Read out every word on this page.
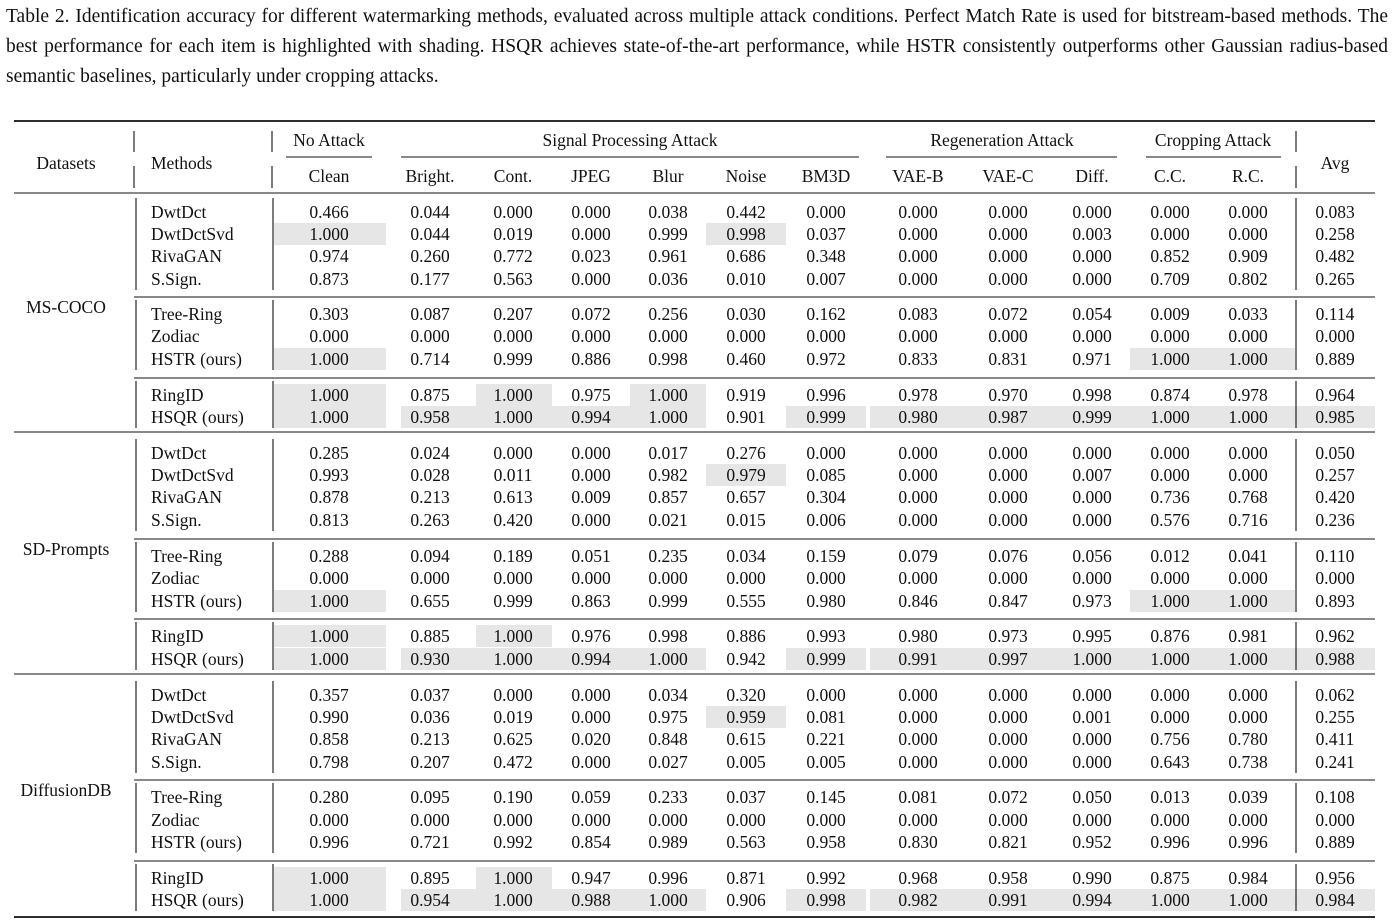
Table 2. Identification accuracy for different watermarking methods, evaluated across multiple attack conditions. Perfect Match Rate is used for bitstream-based methods. The best performance for each item is highlighted with shading. HSQR achieves state-of-the-art performance, while HSTR consistently outperforms other Gaussian radius-based semantic baselines, particularly under cropping attacks.
Datasets	Methods	Avg
No Attack	Signal Processing Attack	Regeneration Attack	Cropping Attack
Clean	Bright. Cont. JPEG Blur Noise BM3D VAE-B VAE-C Diff.	C.C.	R.C.
MS-COCO
DwtDct	0.466	0.044 0.000 0.000 0.038 0.442 0.000	0.000	0.000	0.000 0.000 0.000	0.083
DwtDctSvd	1.000	0.044 0.019 0.000 0.999 0.998 0.037	0.000	0.000	0.003 0.000 0.000	0.258
RivaGAN	0.974	0.260 0.772 0.023 0.961 0.686 0.348	0.000	0.000	0.000 0.852 0.909	0.482
S.Sign.	0.873	0.177 0.563 0.000 0.036 0.010 0.007	0.000	0.000	0.000 0.709 0.802	0.265
Tree-Ring	0.303	0.087 0.207 0.072 0.256 0.030 0.162	0.083	0.072	0.054 0.009 0.033	0.114
Zodiac	0.000	0.000 0.000 0.000 0.000 0.000 0.000	0.000	0.000	0.000 0.000 0.000	0.000
HSTR (ours)	1.000	0.714 0.999 0.886 0.998 0.460 0.972	0.833	0.831	0.971 1.000 1.000	0.889
RingID	1.000	0.875 1.000 0.975 1.000 0.919 0.996	0.978	0.970	0.998 0.874 0.978	0.964
HSQR (ours)	1.000	0.958 1.000 0.994 1.000 0.901 0.999	0.980	0.987	0.999 1.000 1.000	0.985
SD-Prompts
DwtDct	0.285	0.024 0.000 0.000 0.017 0.276 0.000	0.000	0.000	0.000 0.000 0.000	0.050
DwtDctSvd	0.993	0.028	0.011 0.000 0.982 0.979 0.085	0.000	0.000	0.007 0.000 0.000	0.257
RivaGAN	0.878	0.213 0.613 0.009 0.857 0.657 0.304	0.000	0.000	0.000 0.736 0.768	0.420
S.Sign.	0.813	0.263 0.420 0.000 0.021 0.015 0.006	0.000	0.000	0.000 0.576 0.716	0.236
Tree-Ring	0.288	0.094 0.189 0.051 0.235 0.034 0.159	0.079	0.076	0.056 0.012 0.041	0.110
Zodiac	0.000	0.000 0.000 0.000 0.000 0.000 0.000	0.000	0.000	0.000 0.000 0.000	0.000
HSTR (ours)	1.000	0.655 0.999 0.863 0.999 0.555 0.980	0.846	0.847	0.973 1.000 1.000	0.893
RingID	1.000	0.885 1.000 0.976 0.998 0.886 0.993	0.980	0.973	0.995 0.876 0.981	0.962
HSQR (ours)	1.000	0.930 1.000 0.994 1.000 0.942 0.999	0.991	0.997	1.000 1.000 1.000	0.988
DiffusionDB
DwtDct	0.357	0.037 0.000 0.000 0.034 0.320 0.000	0.000	0.000	0.000 0.000 0.000	0.062
DwtDctSvd	0.990	0.036 0.019 0.000 0.975 0.959 0.081	0.000	0.000	0.001 0.000 0.000	0.255
RivaGAN	0.858	0.213 0.625 0.020 0.848 0.615 0.221	0.000	0.000	0.000 0.756 0.780	0.411
S.Sign.	0.798	0.207 0.472 0.000 0.027 0.005 0.005	0.000	0.000	0.000 0.643 0.738	0.241
Tree-Ring	0.280	0.095 0.190 0.059 0.233 0.037 0.145	0.081	0.072	0.050 0.013 0.039	0.108
Zodiac	0.000	0.000 0.000 0.000 0.000 0.000 0.000	0.000	0.000	0.000 0.000 0.000	0.000
HSTR (ours)	0.996	0.721 0.992 0.854 0.989 0.563 0.958	0.830	0.821	0.952 0.996 0.996	0.889
RingID	1.000	0.895 1.000 0.947 0.996 0.871 0.992	0.968	0.958	0.990 0.875 0.984	0.956
HSQR (ours)	1.000	0.954 1.000 0.988 1.000 0.906 0.998	0.982	0.991	0.994 1.000 1.000	0.984
